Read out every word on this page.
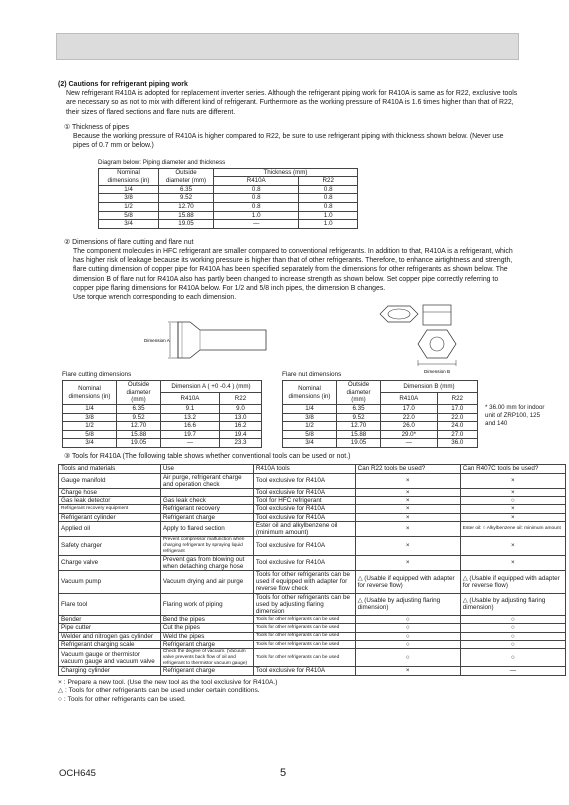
(2) Cautions for refrigerant piping work
New refrigerant R410A is adopted for replacement inverter series. Although the refrigerant piping work for R410A is same as for R22, exclusive tools are necessary so as not to mix with different kind of refrigerant. Furthermore as the working pressure of R410A is 1.6 times higher than that of R22, their sizes of flared sections and flare nuts are different.
① Thickness of pipes
Because the working pressure of R410A is higher compared to R22, be sure to use refrigerant piping with thickness shown below. (Never use pipes of 0.7 mm or below.)
Diagram below: Piping diameter and thickness
Nominal
dimensions (in)	Outside
diameter (mm)	Thickness (mm)	
		R410A	R22
1/4	6.35	0.8	0.8
3/8	9.52	0.8	0.8
1/2	12.70	0.8	0.8
5/8	15.88	1.0	1.0
3/4	19.05	—	1.0
② Dimensions of flare cutting and flare nut
The component molecules in HFC refrigerant are smaller compared to conventional refrigerants. In addition to that, R410A is a refrigerant, which has higher risk of leakage because its working pressure is higher than that of other refrigerants. Therefore, to enhance airtightness and strength, flare cutting dimension of copper pipe for R410A has been specified separately from the dimensions for other refrigerants as shown below. The dimension B of flare nut for R410A also has partly been changed to increase strength as shown below. Set copper pipe correctly referring to copper pipe flaring dimensions for R410A below. For 1/2 and 5/8 inch pipes, the dimension B changes.
Use torque wrench corresponding to each dimension.
Dimension A
Dimension B
Flare cutting dimensions	Flare nut dimensions
Nominal
dimensions (in)	Outside
diameter (mm)	Dimension A ( +0 -0.4 ) (mm)	
		R410A	R22
1/4	6.35	9.1	9.0
3/8	9.52	13.2	13.0
1/2	12.70	16.6	16.2
5/8	15.88	19.7	19.4
3/4	19.05	—	23.3
Nominal
dimensions (in)	Outside
diameter (mm)	Dimension B (mm)	
		R410A	R22
1/4	6.35	17.0	17.0
3/8	9.52	22.0	22.0
1/2	12.70	26.0	24.0
5/8	15.88	29.0*	27.0
3/4	19.05	—	36.0
* 36.00 mm for indoor unit of ZRP100, 125 and 140
③ Tools for R410A (The following table shows whether conventional tools can be used or not.)
Tools and materials	Use	R410A tools	Can R22 tools be used?	Can R407C tools be used?
Gauge manifold	Air purge, refrigerant charge and operation check	Tool exclusive for R410A	×	×
Charge hose		Tool exclusive for R410A	×	×
Gas leak detector	Gas leak check	Tool for HFC refrigerant	×	○
Refrigerant recovery equipment	Refrigerant recovery	Tool exclusive for R410A	×	×
Refrigerant cylinder	Refrigerant charge	Tool exclusive for R410A	×	×
Applied oil	Apply to flared section	Ester oil and alkylbenzene oil (minimum amount)	×	Ester oil: ○ Alkylbenzene oil: minimum amount
Safety charger	Prevent compressor malfunction when charging refrigerant by spraying liquid refrigerant	Tool exclusive for R410A	×	×
Charge valve	Prevent gas from blowing out when detaching charge hose	Tool exclusive for R410A	×	×
Vacuum pump	Vacuum drying and air purge	Tools for other refrigerants can be used if equipped with adapter for reverse flow check	△ (Usable if equipped with adapter for reverse flow)	△ (Usable if equipped with adapter for reverse flow)
Flare tool	Flaring work of piping	Tools for other refrigerants can be used by adjusting flaring dimension	△ (Usable by adjusting flaring dimension)	△ (Usable by adjusting flaring dimension)
Bender	Bend the pipes	Tools for other refrigerants can be used	○	○
Pipe cutter	Cut the pipes	Tools for other refrigerants can be used	○	○
Welder and nitrogen gas cylinder	Weld the pipes	Tools for other refrigerants can be used	○	○
Refrigerant charging scale	Refrigerant charge	Tools for other refrigerants can be used	○	○
Vacuum gauge or thermistor vacuum gauge and vacuum valve	Check the degree of vacuum. (Vacuum valve prevents back flow of oil and refrigerant to thermistor vacuum gauge)	Tools for other refrigerants can be used	○	○
Charging cylinder	Refrigerant charge	Tool exclusive for R410A	×	—
× : Prepare a new tool. (Use the new tool as the tool exclusive for R410A.)
△ : Tools for other refrigerants can be used under certain conditions.
○ : Tools for other refrigerants can be used.
OCH645	5
